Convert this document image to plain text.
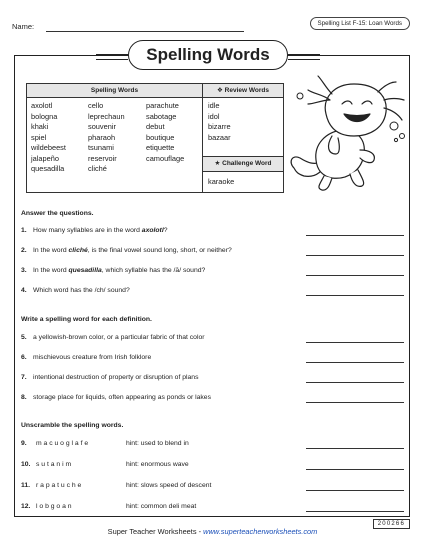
Name:	Spelling List F-15: Loan Words
Spelling Words
Spelling Words
axolotl
bologna
khaki
spiel
wildebeest
jalapeño
quesadilla
cello
leprechaun
souvenir
pharaoh
tsunami
reservoir
cliché
parachute
sabotage
debut
boutique
etiquette
camouflage
❖ Review Words
idle
idol
bizarre
bazaar
★ Challenge Word
karaoke
Answer the questions.
1. How many syllables are in the word axolotl?
2. In the word cliché, is the final vowel sound long, short, or neither?
3. In the word quesadilla, which syllable has the /ā/ sound?
4. Which word has the /ch/ sound?
Write a spelling word for each definition.
5. a yellowish-brown color, or a particular fabric of that color
6. mischievous creature from Irish folklore
7. intentional destruction of property or disruption of plans
8. storage place for liquids, often appearing as ponds or lakes
Unscramble the spelling words.
9. m a c u o g l a f e	hint: used to blend in
10. s u t a n i m	hint: enormous wave
11. r a p a t u c h e	hint: slows speed of descent
12. l o b g o a n	hint: common deli meat
200266
Super Teacher Worksheets - www.superteacherworksheets.com
